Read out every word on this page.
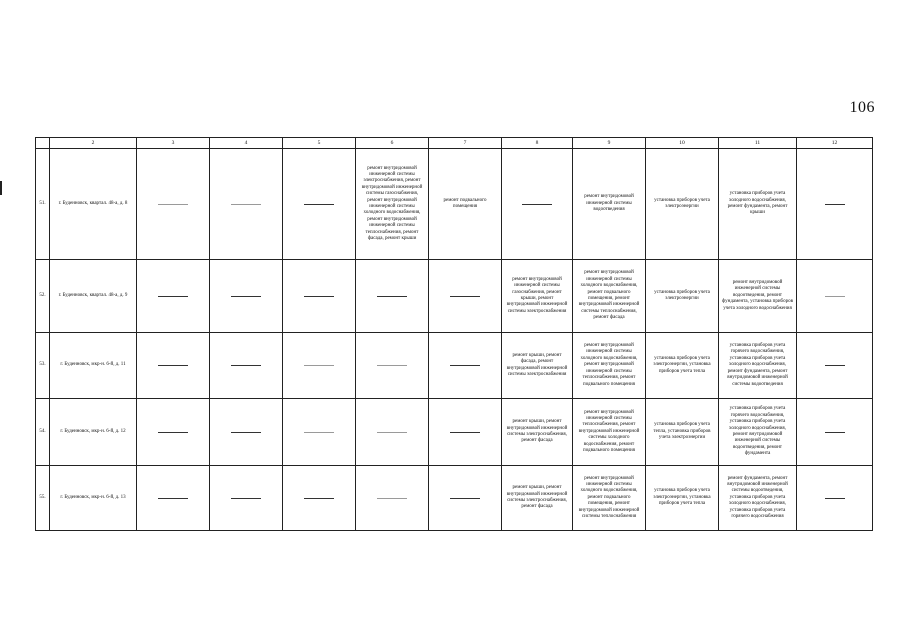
106
	2	3	4	5	6	7	8	9	10	11	12
51.	г. Буденновск, квартал. 48-а, д. 8				ремонт внутридомовой инженерной системы электроснабжения, ремонт внутридомовой инженерной системы газоснабжения, ремонт внутридомовой инженерной системы холодного водоснабжения, ремонт внутридомовой инженерной системы теплоснабжения, ремонт фасада, ремонт крыши	ремонт подвального помещения		ремонт внутридомовой инженерной системы водоотведения	установка приборов учета электроэнергии	установка приборов учета холодного водоснабжения, ремонт фундамента, ремонт крыши	

52.	г. Буденновск, квартал. 48-а, д. 9						ремонт внутридомовой инженерной системы газоснабжения, ремонт крыши, ремонт внутридомовой инженерной системы электроснабжения	ремонт внутридомовой инженерной системы холодного водоснабжения, ремонт подвального помещения, ремонт внутридомовой инженерной системы теплоснабжения, ремонт фасада	установка приборов учета электроэнергии	ремонт внутридомовой инженерной системы водоотведения, ремонт фундамента, установка приборов учета холодного водоснабжения	

53.	г. Буденновск, мкр-н. 6-й, д. 11						ремонт крыши, ремонт фасада, ремонт внутридомовой инженерной системы электроснабжения	ремонт внутридомовой инженерной системы холодного водоснабжения, ремонт внутридомовой инженерной системы теплоснабжения, ремонт подвального помещения	установка приборов учета электроэнергии, установка приборов учета тепла	установка приборов учета горячего водоснабжения, установка приборов учета холодного водоснабжения, ремонт фундамента, ремонт внутридомовой инженерной системы водоотведения	

54.	г. Буденновск, мкр-н. 6-й, д. 12						ремонт крыши, ремонт внутридомовой инженерной системы электроснабжения, ремонт фасада	ремонт внутридомовой инженерной системы теплоснабжения, ремонт внутридомовой инженерной системы холодного водоснабжения, ремонт подвального помещения	установка приборов учета тепла, установка приборов учета электроэнергии	установка приборов учета горячего водоснабжения, установка приборов учета холодного водоснабжения, ремонт внутридомовой инженерной системы водоотведения, ремонт фундамента	

55.	г. Буденновск, мкр-н. 6-й, д. 13						ремонт крыши, ремонт внутридомовой инженерной системы электроснабжения, ремонт фасада	ремонт внутридомовой инженерной системы холодного водоснабжения, ремонт подвального помещения, ремонт внутридомовой инженерной системы теплоснабжения	установка приборов учета электроэнергии, установка приборов учета тепла	ремонт фундамента, ремонт внутридомовой инженерной системы водоотведения, установка приборов учета холодного водоснабжения, установка приборов учета горячего водоснабжения	
